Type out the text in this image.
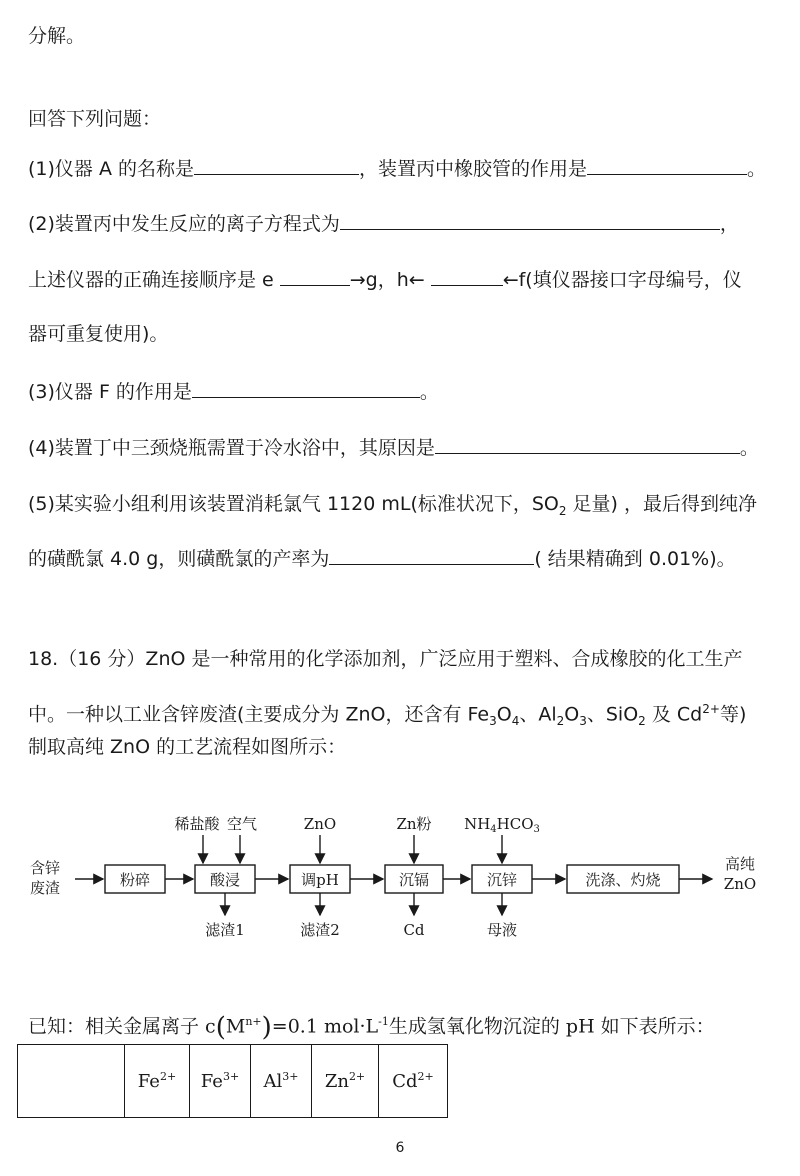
分解。
回答下列问题：
(1)仪器 A 的名称是	，装置丙中橡胶管的作用是	。
(2)装置丙中发生反应的离子方程式为	，
上述仪器的正确连接顺序是 e	→g，h←	←f(填仪器接口字母编号，仪
器可重复使用)。
(3)仪器 F 的作用是	。
(4)装置丁中三颈烧瓶需置于冷水浴中，其原因是	。
(5)某实验小组利用该装置消耗氯气 1120 mL(标准状况下，$SO_2$ 足量) ，最后得到纯净
的磺酰氯 4.0 g，则磺酰氯的产率为	( 结果精确到 0.01%)。
18.（16 分）ZnO 是一种常用的化学添加剂，广泛应用于塑料、合成橡胶的化工生产
中。一种以工业含锌废渣(主要成分为 ZnO，还含有 $Fe_3O_4$、$Al_2O_3$、SiO$_2$ 及 $Cd^{2+}$等)
制取高纯 ZnO 的工艺流程如图所示：
含锌
废渣	粉碎	酸浸	调pH	沉镉	沉锌	洗涤、灼烧
稀盐酸 空气	ZnO	Zn粉 $NH_4HCO_3$
滤渣1	滤渣2	Cd	母液
高纯
ZnO
已知：相关金属离子 $c(M^{n+})=0.1$ $mol\cdot L^{-1}$生成氢氧化物沉淀的 pH 如下表所示：
	$Fe^{2+}$	$Fe^{3+}$	$Al^{3+}$	$Zn^{2+}$	$Cd^{2+}$
6
